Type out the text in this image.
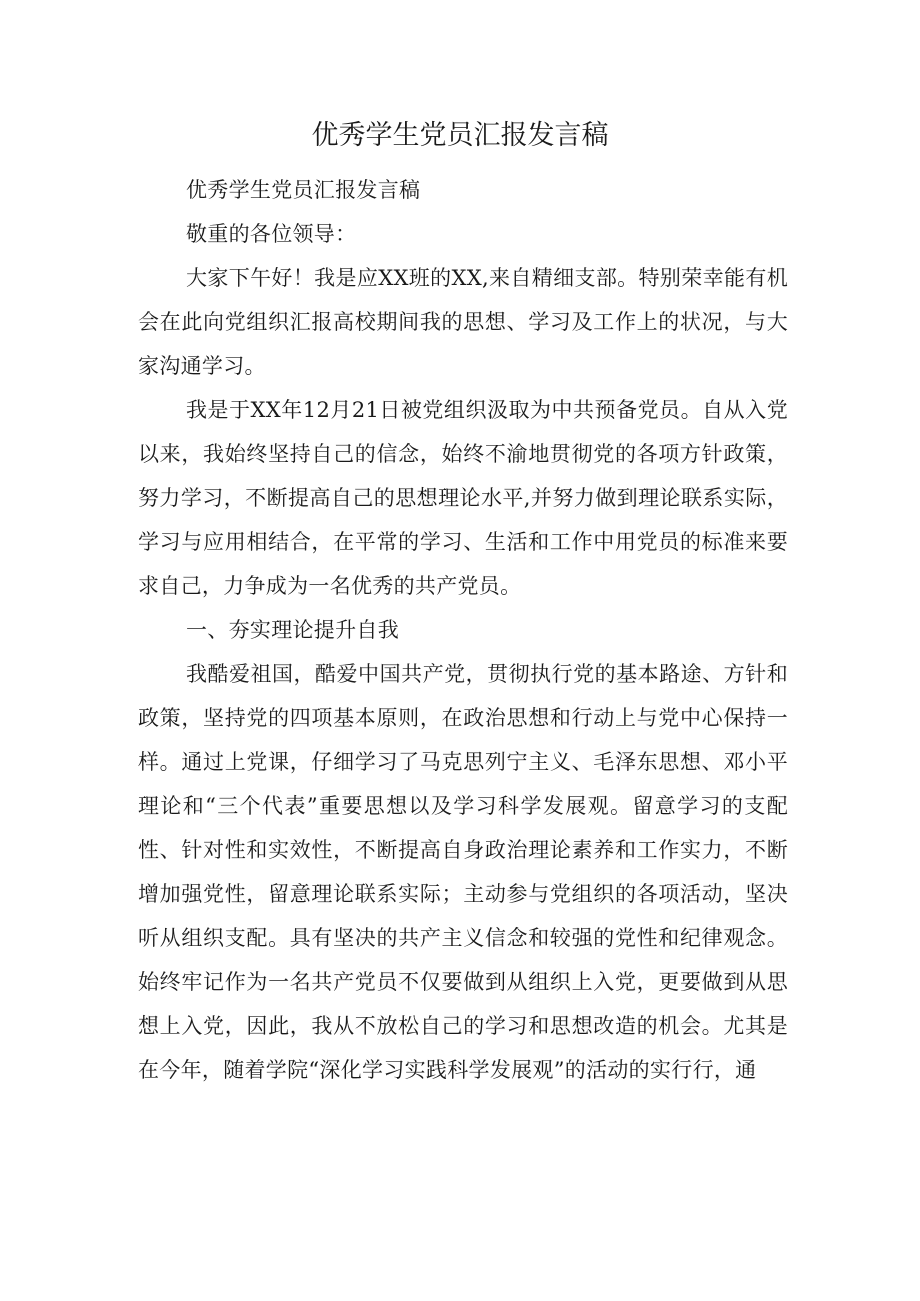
优秀学生党员汇报发言稿

优秀学生党员汇报发言稿

敬重的各位领导：

大家下午好！我是应XX班的XX,来自精细支部。特别荣幸能有机会在此向党组织汇报高校期间我的思想、学习及工作上的状况，与大家沟通学习。

我是于XX年12月21日被党组织汲取为中共预备党员。自从入党以来，我始终坚持自己的信念，始终不渝地贯彻党的各项方针政策，努力学习，不断提高自己的思想理论水平,并努力做到理论联系实际，学习与应用相结合，在平常的学习、生活和工作中用党员的标准来要求自己，力争成为一名优秀的共产党员。

一、夯实理论提升自我

我酷爱祖国，酷爱中国共产党，贯彻执行党的基本路途、方针和政策，坚持党的四项基本原则，在政治思想和行动上与党中心保持一样。通过上党课，仔细学习了马克思列宁主义、毛泽东思想、邓小平理论和“三个代表”重要思想以及学习科学发展观。留意学习的支配性、针对性和实效性，不断提高自身政治理论素养和工作实力，不断增加强党性，留意理论联系实际；主动参与党组织的各项活动，坚决听从组织支配。具有坚决的共产主义信念和较强的党性和纪律观念。始终牢记作为一名共产党员不仅要做到从组织上入党，更要做到从思想上入党，因此，我从不放松自己的学习和思想改造的机会。尤其是在今年，随着学院“深化学习实践科学发展观”的活动的实行行，通
